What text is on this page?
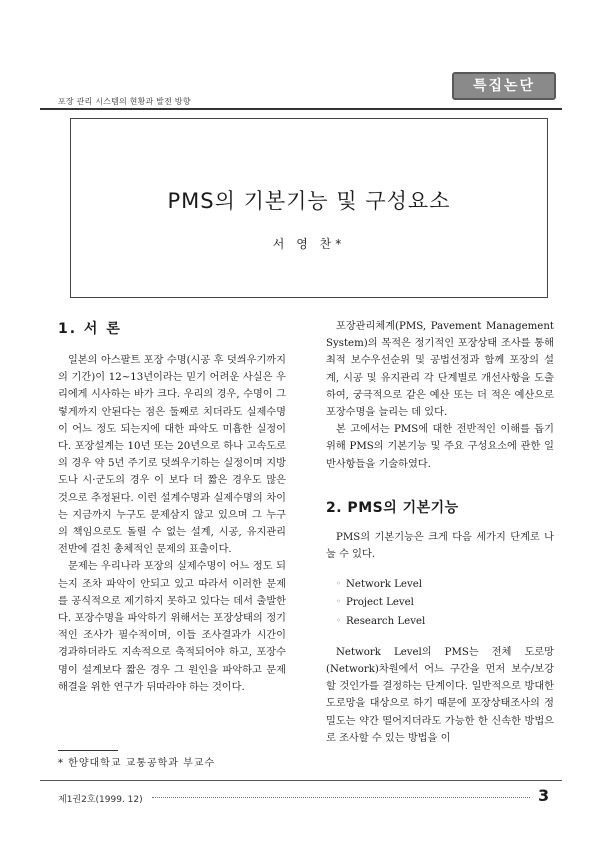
포장 관리 시스템의 현황과 발전 방향
특집논단
PMS의 기본기능 및 구성요소
서 영 찬*
1. 서 론

일본의 아스팔트 포장 수명(시공 후 덧씌우기까지의 기간)이 12~13년이라는 믿기 어려운 사실은 우리에게 시사하는 바가 크다. 우리의 경우, 수명이 그렇게까지 안된다는 점은 둘째로 치더라도 실제수명이 어느 정도 되는지에 대한 파악도 미흡한 실정이다. 포장설계는 10년 또는 20년으로 하나 고속도로의 경우 약 5년 주기로 덧씌우기하는 실정이며 지방도나 시·군도의 경우 이 보다 더 짧은 경우도 많은 것으로 추정된다. 이런 설계수명과 실제수명의 차이는 지금까지 누구도 문제삼지 않고 있으며 그 누구의 책임으로도 돌릴 수 없는 설계, 시공, 유지관리 전반에 걸친 총체적인 문제의 표출이다.

문제는 우리나라 포장의 실제수명이 어느 정도 되는지 조차 파악이 안되고 있고 따라서 이러한 문제를 공식적으로 제기하지 못하고 있다는 데서 출발한다. 포장수명을 파악하기 위해서는 포장상태의 정기적인 조사가 필수적이며, 이들 조사결과가 시간이 경과하더라도 지속적으로 축적되어야 하고, 포장수명이 설계보다 짧은 경우 그 원인을 파악하고 문제해결을 위한 연구가 뒤따라야 하는 것이다.

포장관리체계(PMS, Pavement Management System)의 목적은 정기적인 포장상태 조사를 통해 최적 보수우선순위 및 공법선정과 함께 포장의 설계, 시공 및 유지관리 각 단계별로 개선사항을 도출하여, 궁극적으로 같은 예산 또는 더 적은 예산으로 포장수명을 늘리는 데 있다.

본 고에서는 PMS에 대한 전반적인 이해를 돕기 위해 PMS의 기본기능 및 주요 구성요소에 관한 일반사항들을 기술하였다.

2. PMS의 기본기능

PMS의 기본기능은 크게 다음 세가지 단계로 나눌 수 있다.

◦ Network Level
◦ Project Level
◦ Research Level

Network Level의 PMS는 전체 도로망(Network)차원에서 어느 구간을 먼저 보수/보강 할 것인가를 결정하는 단계이다. 일반적으로 방대한 도로망을 대상으로 하기 때문에 포장상태조사의 정밀도는 약간 떨어지더라도 가능한 한 신속한 방법으로 조사할 수 있는 방법을 이

* 한양대학교 교통공학과 부교수
제1권2호(1999. 12)	3
